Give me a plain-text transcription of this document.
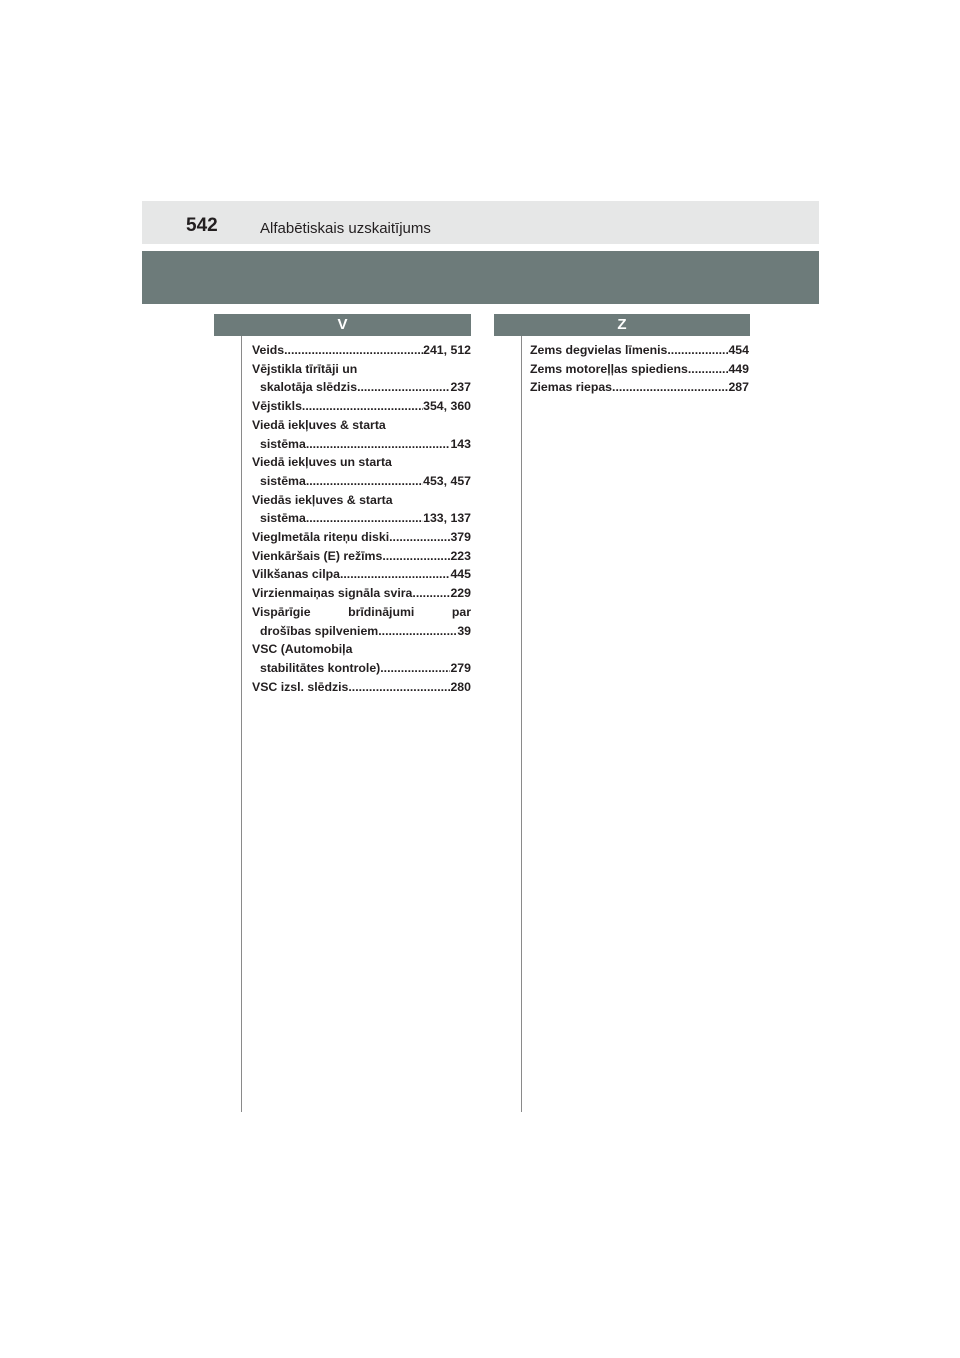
542	Alfabētiskais uzskaitījums
V	Z
Veids .....	241, 512
Vējstikla tīrītāji un
skalotāja slēdzis .....	237
Vējstikls .....	354, 360
Viedā iekļuves & starta
sistēma .....	143
Viedā iekļuves un starta
sistēma .....	453, 457
Viedās iekļuves & starta
sistēma .....	133, 137
Vieglmetāla riteņu diski .....	379
Vienkāršais (E) režīms .....	223
Vilkšanas cilpa .....	445
Virzienmaiņas signāla svira .....	229
Vispārīgie	brīdinājumi	par
drošības spilveniem .....	39
VSC (Automobiļa
stabilitātes kontrole) .....	279
VSC izsl. slēdzis .....	280
Zems degvielas līmenis .....	454
Zems motoreļļas spiediens .....	449
Ziemas riepas .....	287
